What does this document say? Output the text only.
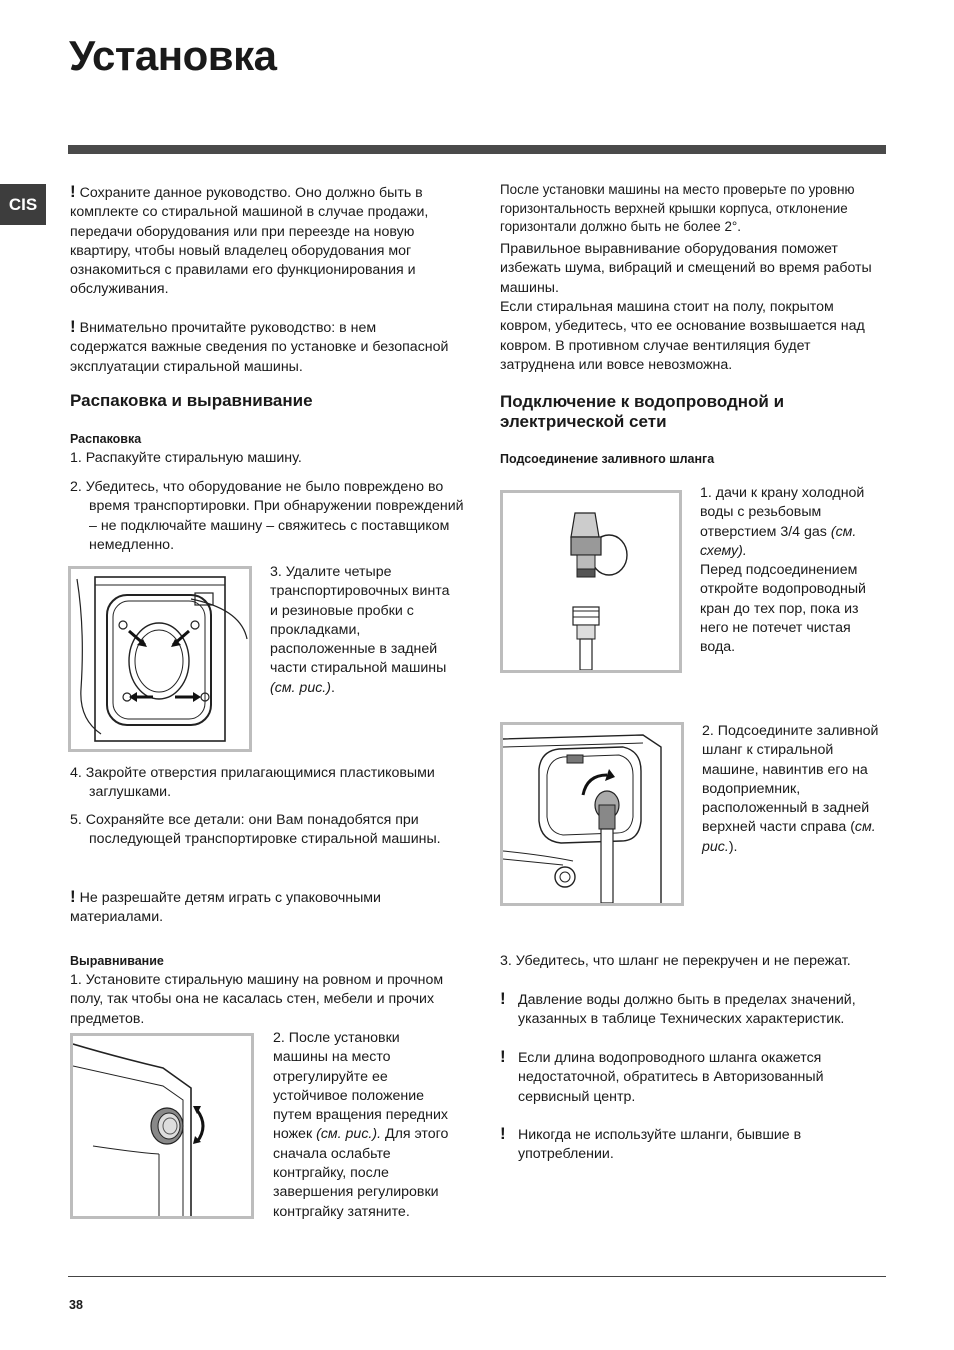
Установка
CIS
! Сохраните данное руководство. Оно должно быть в комплекте со стиральной машиной в случае продажи, передачи оборудования или при переезде на новую квартиру, чтобы новый владелец оборудования мог ознакомиться с правилами его функционирования и обслуживания.
! Внимательно прочитайте руководство: в нем содержатся важные сведения по установке и безопасной эксплуатации стиральной машины.
Распаковка и выравнивание
Распаковка
1. Распакуйте стиральную машину.
2. Убедитесь, что оборудование не было повреждено во время транспортировки. При обнаружении повреждений – не подключайте машину – свяжитесь с поставщиком немедленно.
3. Удалите четыре транспортировочных винта и резиновые пробки с прокладками, расположенные в задней части стиральной машины (см. рис.).
4. Закройте отверстия прилагающимися пластиковыми заглушками.
5. Сохраняйте все детали: они Вам понадобятся при последующей транспортировке стиральной машины.
! Не разрешайте детям играть с упаковочными материалами.
Выравнивание
1. Установите стиральную машину на ровном и прочном полу, так чтобы она не касалась стен, мебели и прочих предметов.
2. После установки машины на место отрегулируйте ее устойчивое положение путем вращения передних ножек (см. рис.). Для этого сначала ослабьте контргайку, после завершения регулировки контргайку затяните.
После установки машины на место проверьте по уровню горизонтальность верхней крышки корпуса, отклонение горизонтали должно быть не более 2°.
Правильное выравнивание оборудования поможет избежать шума, вибраций и смещений во время работы машины.
Если стиральная машина стоит на полу, покрытом ковром, убедитесь, что ее основание возвышается над ковром. В противном случае вентиляция будет затруднена или вовсе невозможна.
Подключение к водопроводной и электрической сети
Подсоединение заливного шланга
1. дачи к крану холодной воды с резьбовым отверстием 3/4 gas (см. схему).
Перед подсоединением откройте водопроводный кран до тех пор, пока из него не потечет чистая вода.
2. Подсоедините заливной шланг к стиральной машине, навинтив его на водоприемник, расположенный в задней верхней части справа (см. рис.).
3. Убедитесь, что шланг не перекручен и не пережат.
! Давление воды должно быть в пределах значений, указанных в таблице Технических характеристик.
! Если длина водопроводного шланга окажется недостаточной, обратитесь в Авторизованный сервисный центр.
! Никогда не используйте шланги, бывшие в употреблении.
38
